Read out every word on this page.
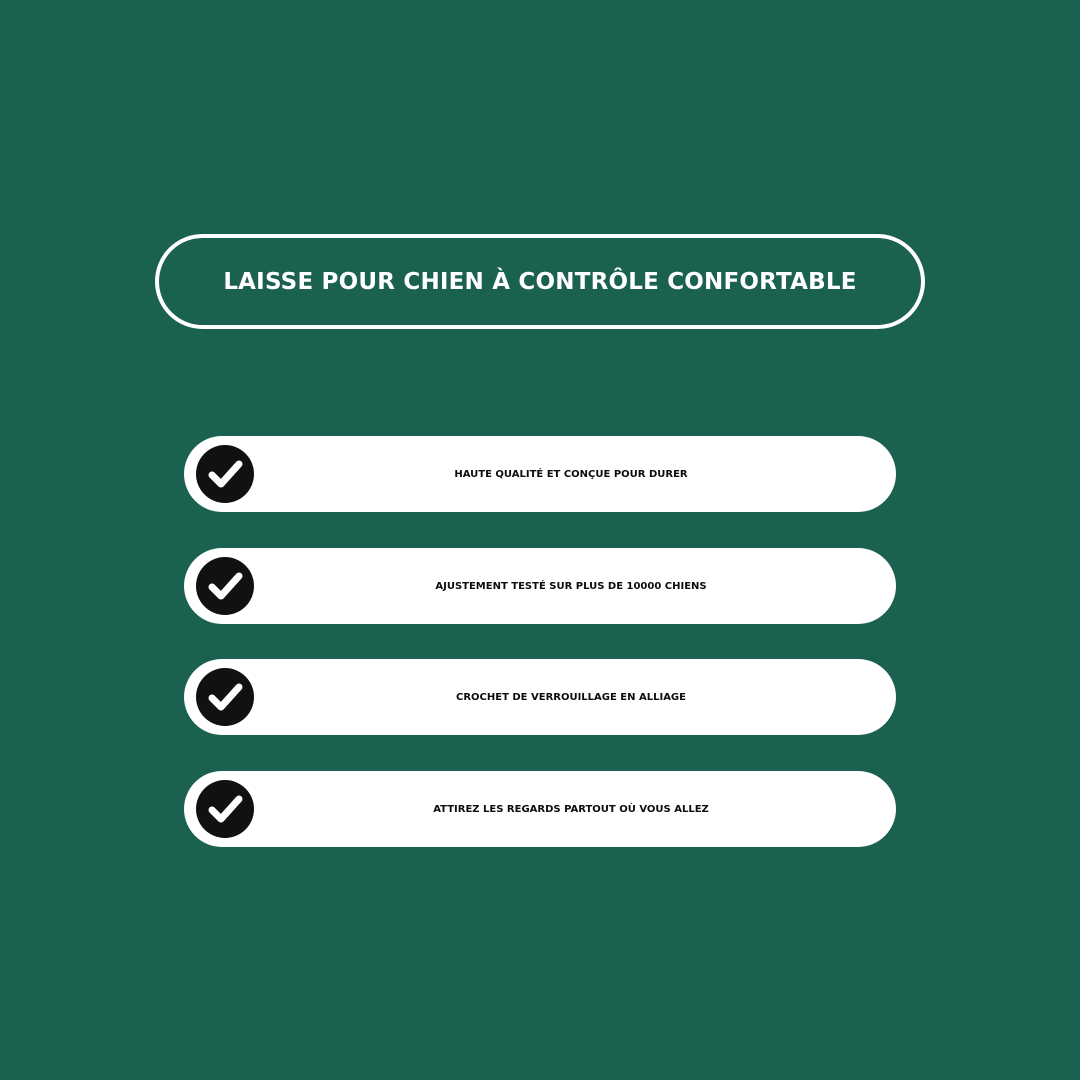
LAISSE POUR CHIEN À CONTRÔLE CONFORTABLE
HAUTE QUALITÉ ET CONÇUE POUR DURER
AJUSTEMENT TESTÉ SUR PLUS DE 10000 CHIENS
CROCHET DE VERROUILLAGE EN ALLIAGE
ATTIREZ LES REGARDS PARTOUT OÙ VOUS ALLEZ
